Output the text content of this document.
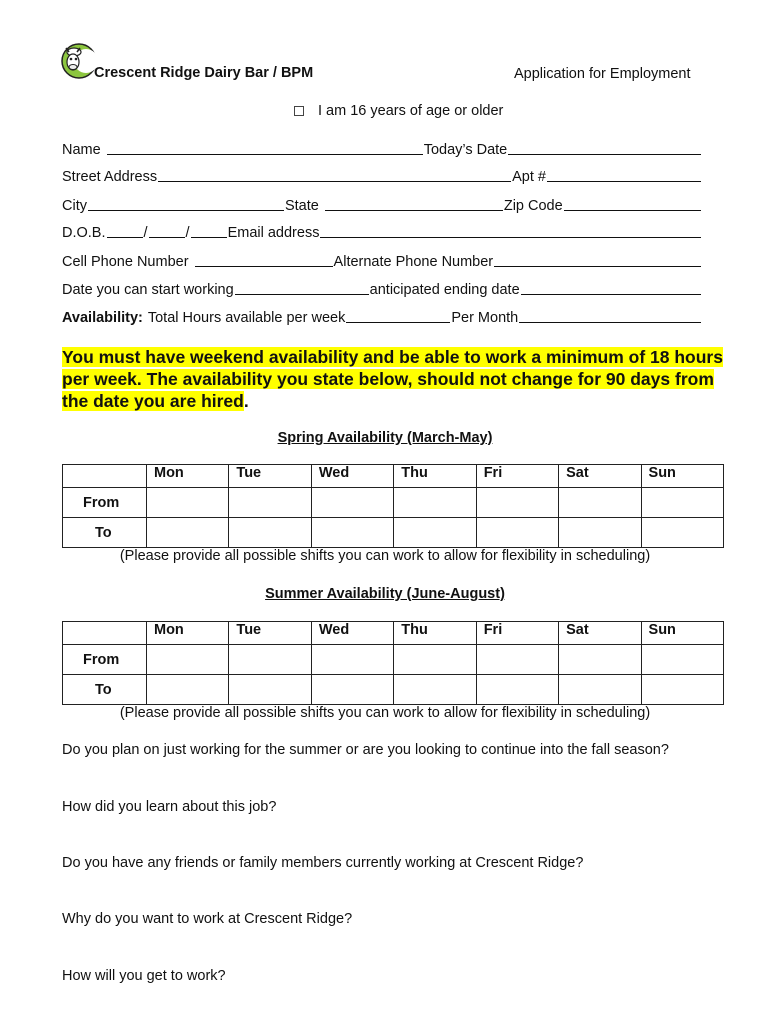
Crescent Ridge Dairy Bar / BPM	Application for Employment
I am 16 years of age or older
Name	Today’s Date
Street Address	Apt #
City	State	Zip Code
D.O.B.	/	/	Email address
Cell Phone Number	Alternate Phone Number
Date you can start working	anticipated ending date
Availability: Total Hours available per week	Per Month
You must have weekend availability and be able to work a minimum of 18 hours per week. The availability you state below, should not change for 90 days from the date you are hired.
Spring Availability (March-May)
	Mon	Tue	Wed	Thu	Fri	Sat	Sun
From							
To							
(Please provide all possible shifts you can work to allow for flexibility in scheduling)
Summer Availability (June-August)
	Mon	Tue	Wed	Thu	Fri	Sat	Sun
From							
To							
(Please provide all possible shifts you can work to allow for flexibility in scheduling)
Do you plan on just working for the summer or are you looking to continue into the fall season?
How did you learn about this job?
Do you have any friends or family members currently working at Crescent Ridge?
Why do you want to work at Crescent Ridge?
How will you get to work?
